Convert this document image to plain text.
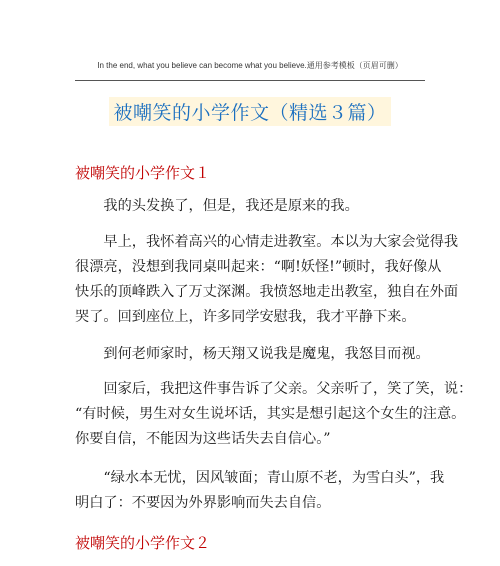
In the end, what you believe can become what you believe.通用参考模板（页眉可删）
被嘲笑的小学作文（精选３篇）
被嘲笑的小学作文１
　　我的头发换了，但是，我还是原来的我。
　　早上，我怀着高兴的心情走进教室。本以为大家会觉得我
很漂亮，没想到我同桌叫起来：“啊!妖怪!”顿时，我好像从
快乐的顶峰跌入了万丈深渊。我愤怒地走出教室，独自在外面
哭了。回到座位上，许多同学安慰我，我才平静下来。
　　到何老师家时，杨天翔又说我是魔鬼，我怒目而视。
　　回家后，我把这件事告诉了父亲。父亲听了，笑了笑，说：
“有时候，男生对女生说坏话，其实是想引起这个女生的注意。
你要自信，不能因为这些话失去自信心。”
　　“绿水本无忧，因风皱面；青山原不老，为雪白头”，我
明白了：不要因为外界影响而失去自信。
被嘲笑的小学作文２
